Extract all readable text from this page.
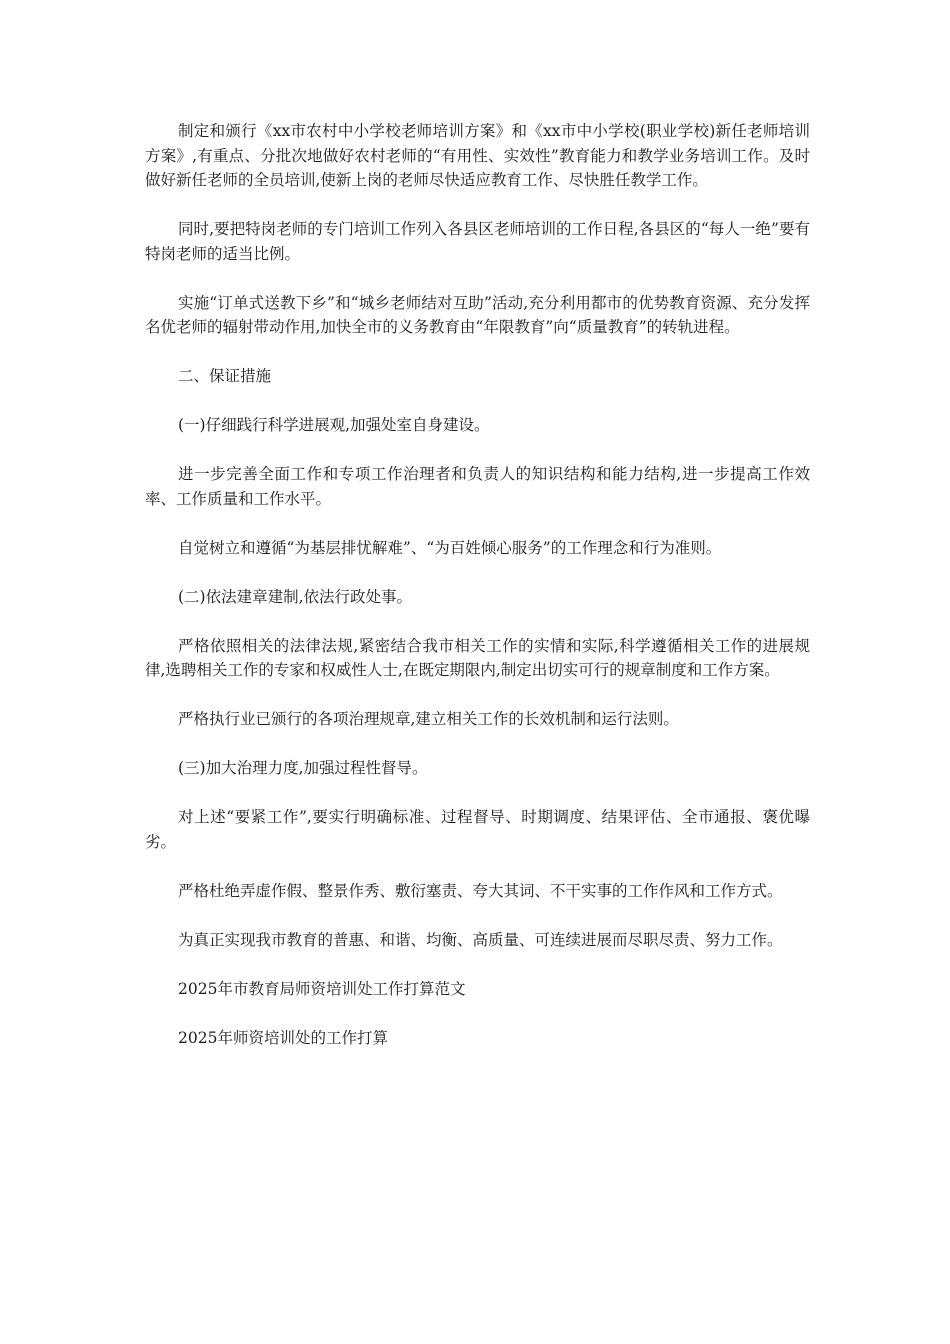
制定和颁行《xx市农村中小学校老师培训方案》和《xx市中小学校(职业学校)新任老师培训方案》,有重点、分批次地做好农村老师的“有用性、实效性”教育能力和教学业务培训工作。及时做好新任老师的全员培训,使新上岗的老师尽快适应教育工作、尽快胜任教学工作。

同时,要把特岗老师的专门培训工作列入各县区老师培训的工作日程,各县区的“每人一绝”要有特岗老师的适当比例。

实施“订单式送教下乡”和“城乡老师结对互助”活动,充分利用都市的优势教育资源、充分发挥名优老师的辐射带动作用,加快全市的义务教育由“年限教育”向“质量教育”的转轨进程。

二、保证措施

(一)仔细践行科学进展观,加强处室自身建设。

进一步完善全面工作和专项工作治理者和负责人的知识结构和能力结构,进一步提高工作效率、工作质量和工作水平。

自觉树立和遵循“为基层排忧解难”、“为百姓倾心服务”的工作理念和行为准则。

(二)依法建章建制,依法行政处事。

严格依照相关的法律法规,紧密结合我市相关工作的实情和实际,科学遵循相关工作的进展规律,选聘相关工作的专家和权威性人士,在既定期限内,制定出切实可行的规章制度和工作方案。

严格执行业已颁行的各项治理规章,建立相关工作的长效机制和运行法则。

(三)加大治理力度,加强过程性督导。

对上述“要紧工作”,要实行明确标准、过程督导、时期调度、结果评估、全市通报、褒优曝劣。

严格杜绝弄虚作假、整景作秀、敷衍塞责、夸大其词、不干实事的工作作风和工作方式。

为真正实现我市教育的普惠、和谐、均衡、高质量、可连续进展而尽职尽责、努力工作。

2025年市教育局师资培训处工作打算范文

2025年师资培训处的工作打算
